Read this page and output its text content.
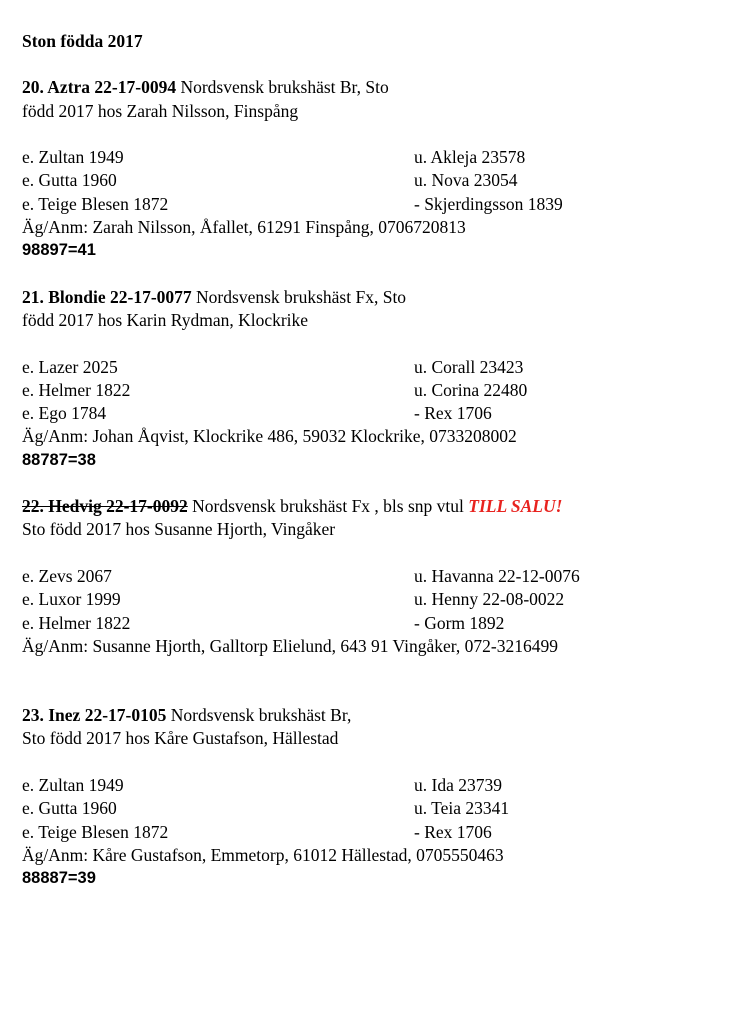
Ston födda 2017
20. Aztra 22-17-0094 Nordsvensk brukshäst Br, Sto
född 2017 hos Zarah Nilsson, Finspång
e. Zultan 1949	u. Akleja 23578
e. Gutta 1960	u. Nova 23054
e. Teige Blesen 1872	- Skjerdingsson 1839
Äg/Anm: Zarah Nilsson, Åfallet, 61291 Finspång, 0706720813
98897=41
21. Blondie 22-17-0077 Nordsvensk brukshäst Fx, Sto
född 2017 hos Karin Rydman, Klockrike
e. Lazer 2025	u. Corall 23423
e. Helmer 1822	u. Corina 22480
e. Ego 1784	- Rex 1706
Äg/Anm: Johan Åqvist, Klockrike 486, 59032 Klockrike, 0733208002
88787=38
22. Hedvig 22-17-0092 Nordsvensk brukshäst Fx , bls snp vtul TILL SALU!
Sto född 2017 hos Susanne Hjorth, Vingåker
e. Zevs 2067	u. Havanna 22-12-0076
e. Luxor 1999	u. Henny 22-08-0022
e. Helmer 1822	- Gorm 1892
Äg/Anm: Susanne Hjorth, Galltorp Elielund, 643 91 Vingåker, 072-3216499
23. Inez 22-17-0105 Nordsvensk brukshäst Br,
Sto född 2017 hos Kåre Gustafson, Hällestad
e. Zultan 1949	u. Ida 23739
e. Gutta 1960	u. Teia 23341
e. Teige Blesen 1872	- Rex 1706
Äg/Anm: Kåre Gustafson, Emmetorp, 61012 Hällestad, 0705550463
88887=39
